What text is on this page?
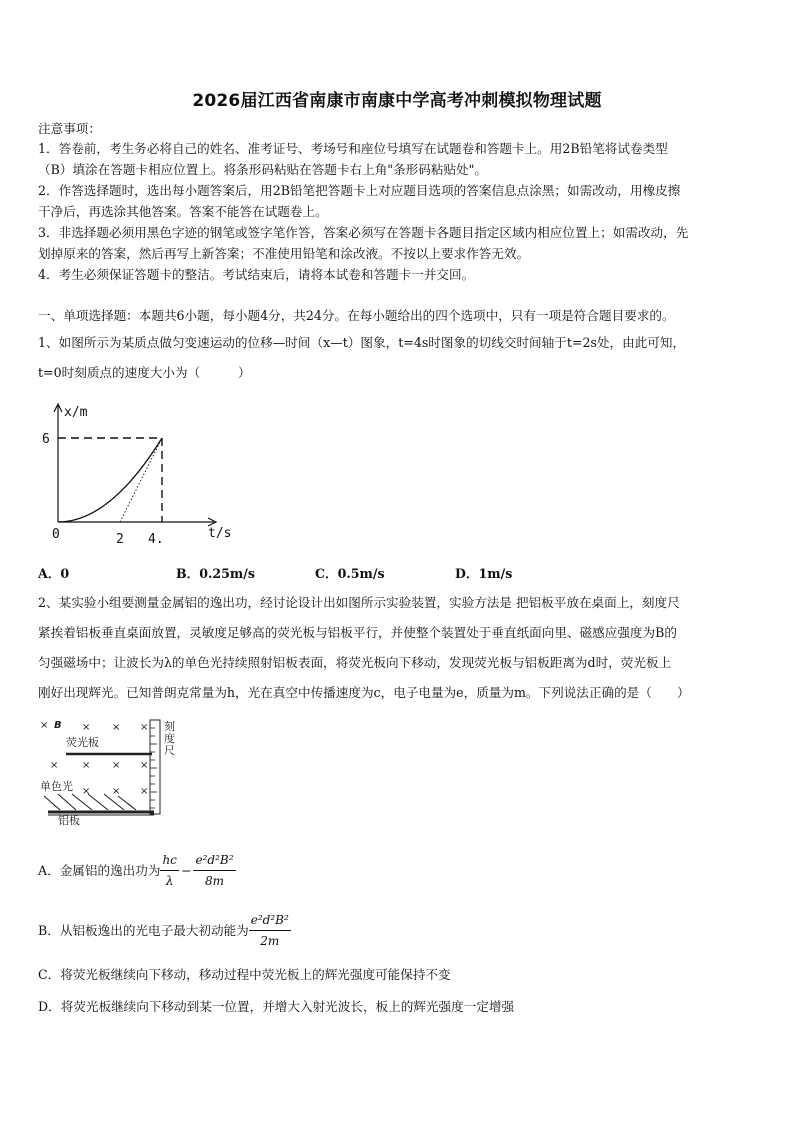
2026届江西省南康市南康中学高考冲刺模拟物理试题
注意事项：
1．答卷前，考生务必将自己的姓名、准考证号、考场号和座位号填写在试题卷和答题卡上。用2B铅笔将试卷类型
（B）填涂在答题卡相应位置上。将条形码粘贴在答题卡右上角"条形码粘贴处"。
2．作答选择题时，选出每小题答案后，用2B铅笔把答题卡上对应题目选项的答案信息点涂黑；如需改动，用橡皮擦
干净后，再选涂其他答案。答案不能答在试题卷上。
3．非选择题必须用黑色字迹的钢笔或签字笔作答，答案必须写在答题卡各题目指定区域内相应位置上；如需改动，先
划掉原来的答案，然后再写上新答案；不准使用铅笔和涂改液。不按以上要求作答无效。
4．考生必须保证答题卡的整洁。考试结束后，请将本试卷和答题卡一并交回。
一、单项选择题：本题共6小题，每小题4分，共24分。在每小题给出的四个选项中，只有一项是符合题目要求的。
1、如图所示为某质点做匀变速运动的位移—时间（x—t）图象，t=4s时图象的切线交时间轴于t=2s处，由此可知，
t=0时刻质点的速度大小为（　　　）
x/m
6
0	2 4.	t/s
A．0	B．0.25m/s	C．0.5m/s	D．1m/s
2、某实验小组要测量金属铝的逸出功，经讨论设计出如图所示实验装置，实验方法是 把铝板平放在桌面上，刻度尺
紧挨着铝板垂直桌面放置，灵敏度足够高的荧光板与铝板平行，并使整个装置处于垂直纸面向里、磁感应强度为B的
匀强磁场中；让波长为λ的单色光持续照射铝板表面，将荧光板向下移动，发现荧光板与铝板距离为d时，荧光板上
刚好出现辉光。已知普朗克常量为h，光在真空中传播速度为c，电子电量为e，质量为m。下列说法正确的是（　　）
× B × × ×
荧光板
× × × ×
单色光 × × ×
铝板
刻
度
尺
A．金属铝的逸出功为 $\frac{hc}{\lambda} - \frac{\text{e²d²B²}}{8m}$
B．从铝板逸出的光电子最大初动能为 $\frac{\text{e²d²B²}}{2m}$
C．将荧光板继续向下移动，移动过程中荧光板上的辉光强度可能保持不变
D．将荧光板继续向下移动到某一位置，并增大入射光波长，板上的辉光强度一定增强
